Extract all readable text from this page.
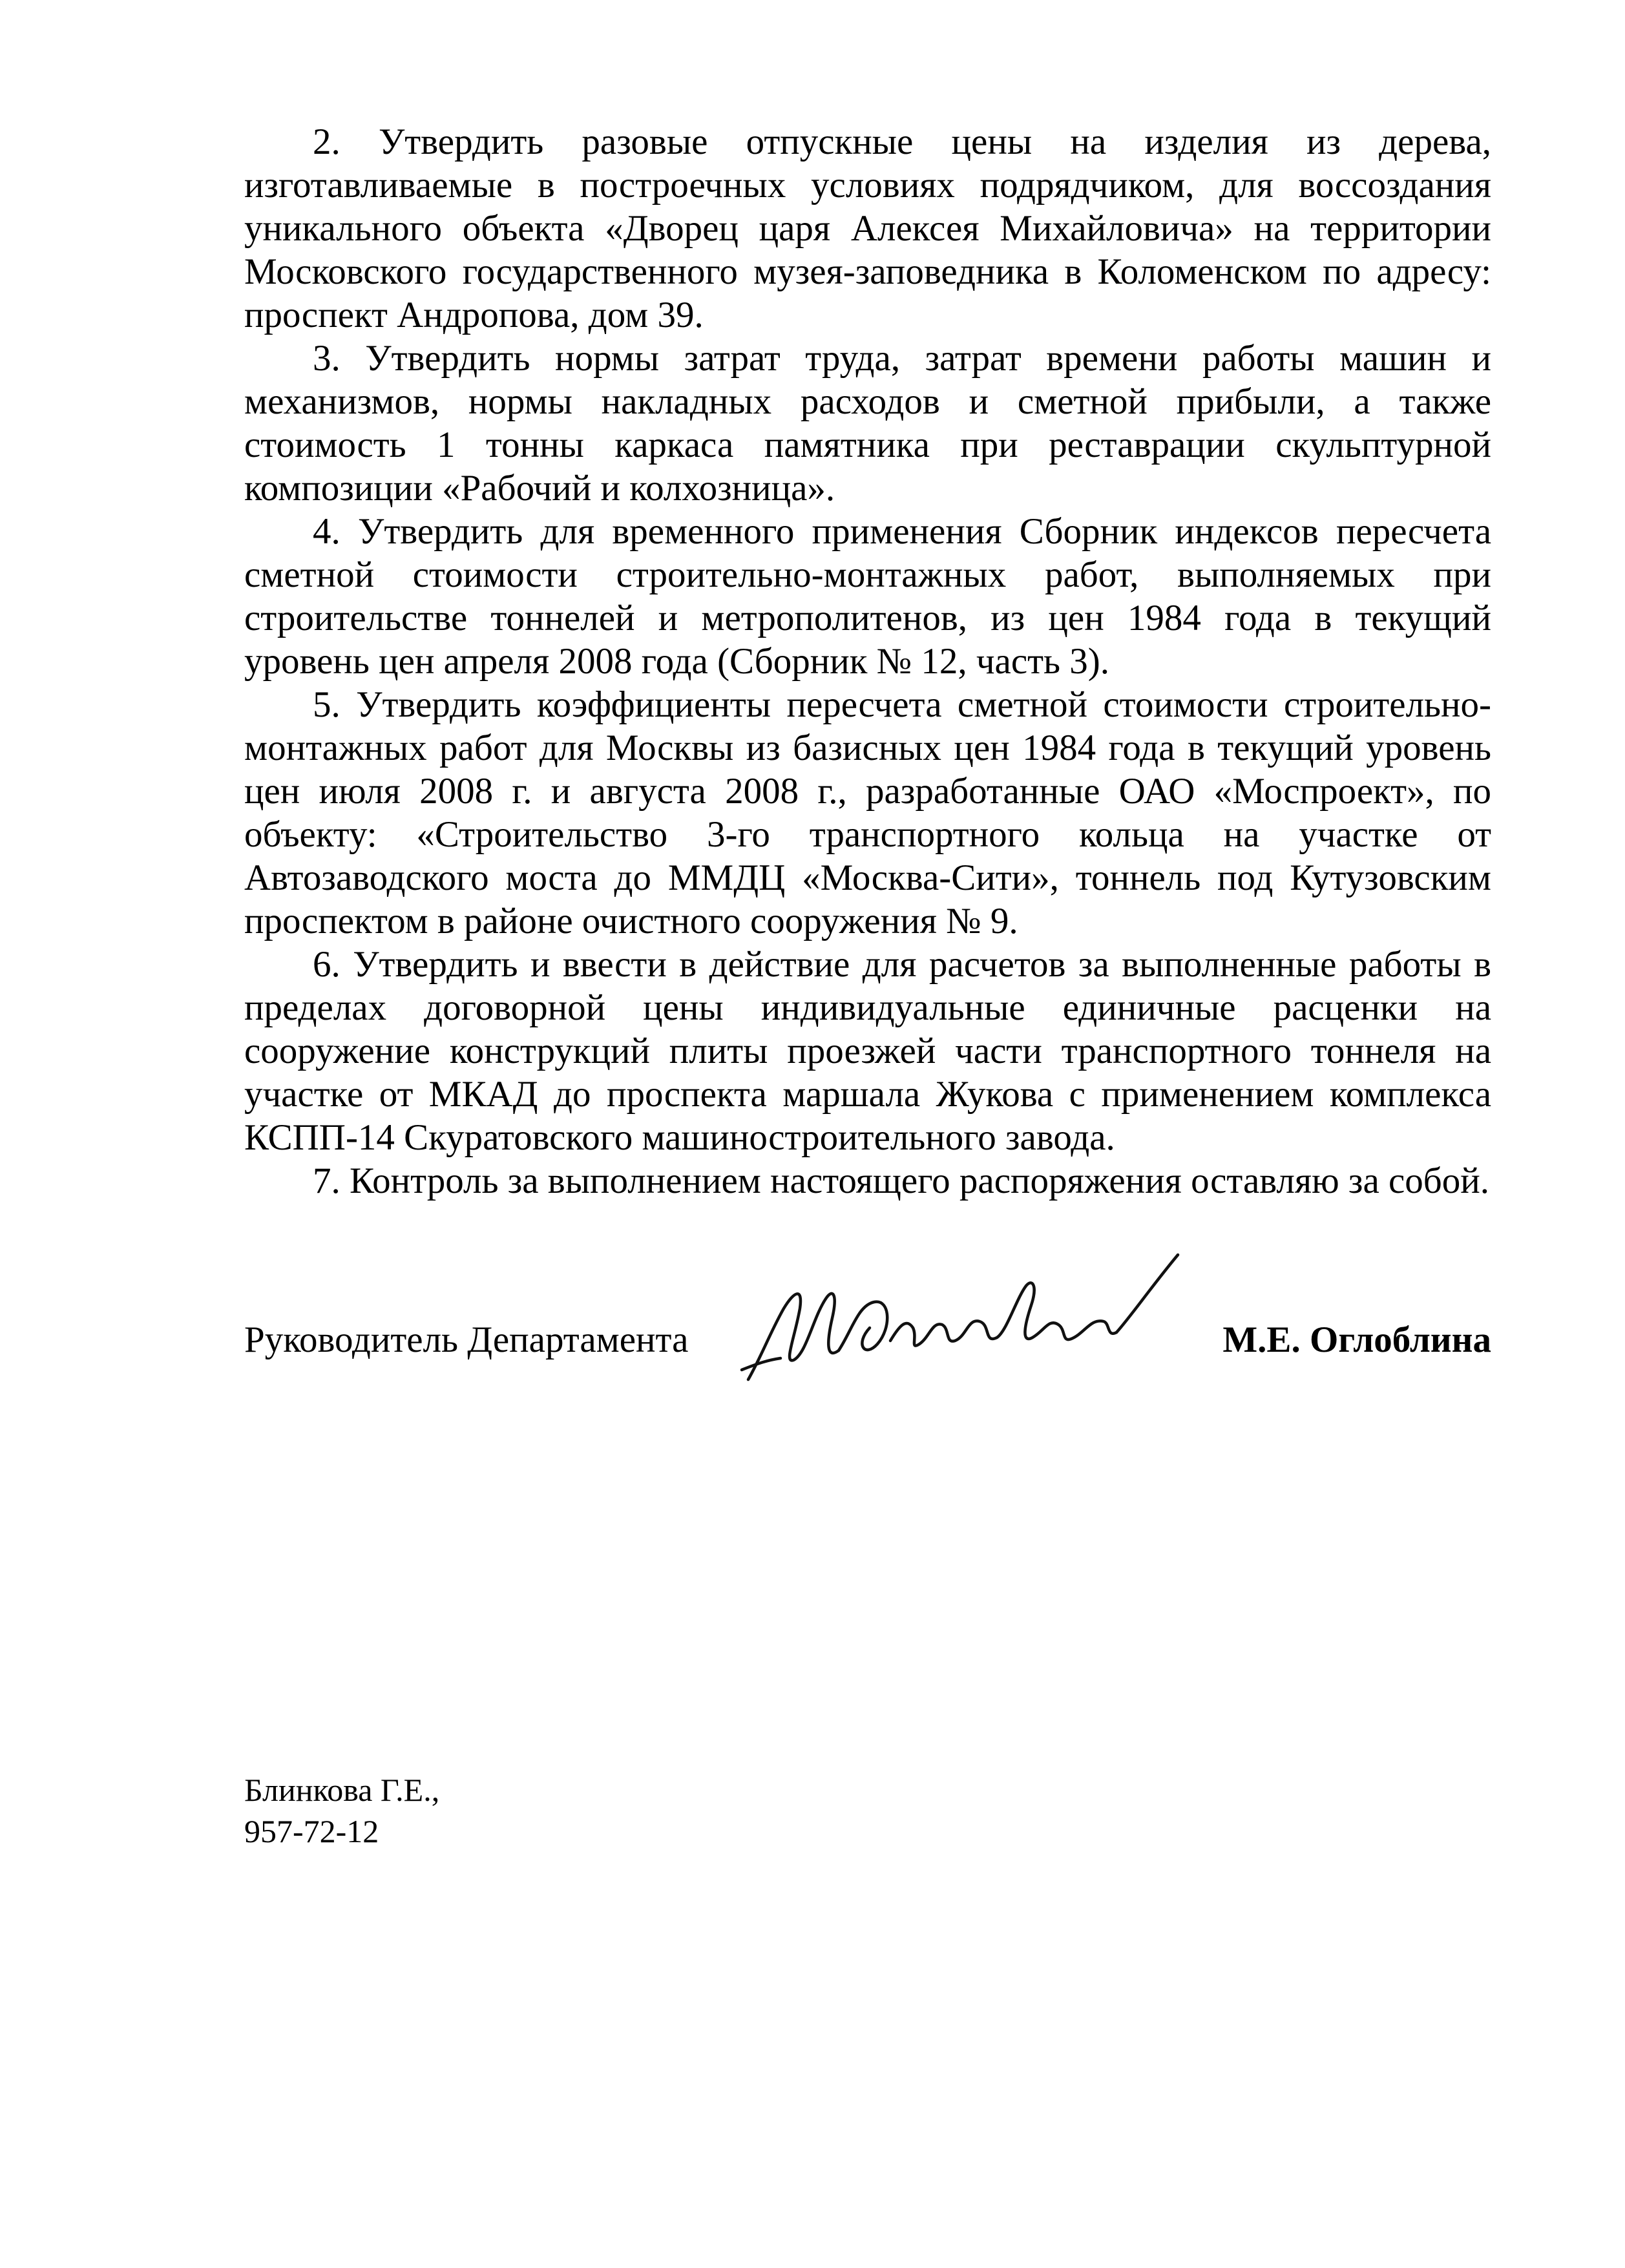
2. Утвердить разовые отпускные цены на изделия из дерева, изготавливаемые в построечных условиях подрядчиком, для воссоздания уникального объекта «Дворец царя Алексея Михайловича» на территории Московского государственного музея-заповедника в Коломенском по адресу: проспект Андропова, дом 39.

3. Утвердить нормы затрат труда, затрат времени работы машин и механизмов, нормы накладных расходов и сметной прибыли, а также стоимость 1 тонны каркаса памятника при реставрации скульптурной композиции «Рабочий и колхозница».

4. Утвердить для временного применения Сборник индексов пересчета сметной стоимости строительно-монтажных работ, выполняемых при строительстве тоннелей и метрополитенов, из цен 1984 года в текущий уровень цен апреля 2008 года (Сборник № 12, часть 3).

5. Утвердить коэффициенты пересчета сметной стоимости строительно-монтажных работ для Москвы из базисных цен 1984 года в текущий уровень цен июля 2008 г. и августа 2008 г., разработанные ОАО «Моспроект», по объекту: «Строительство 3-го транспортного кольца на участке от Автозаводского моста до ММДЦ «Москва-Сити», тоннель под Кутузовским проспектом в районе очистного сооружения № 9.

6. Утвердить и ввести в действие для расчетов за выполненные работы в пределах договорной цены индивидуальные единичные расценки на сооружение конструкций плиты проезжей части транспортного тоннеля на участке от МКАД до проспекта маршала Жукова с применением комплекса КСПП-14 Скуратовского машиностроительного завода.

7. Контроль за выполнением настоящего распоряжения оставляю за собой.

Руководитель Департамента	М.Е. Оглоблина
Блинкова Г.Е.,
957-72-12
